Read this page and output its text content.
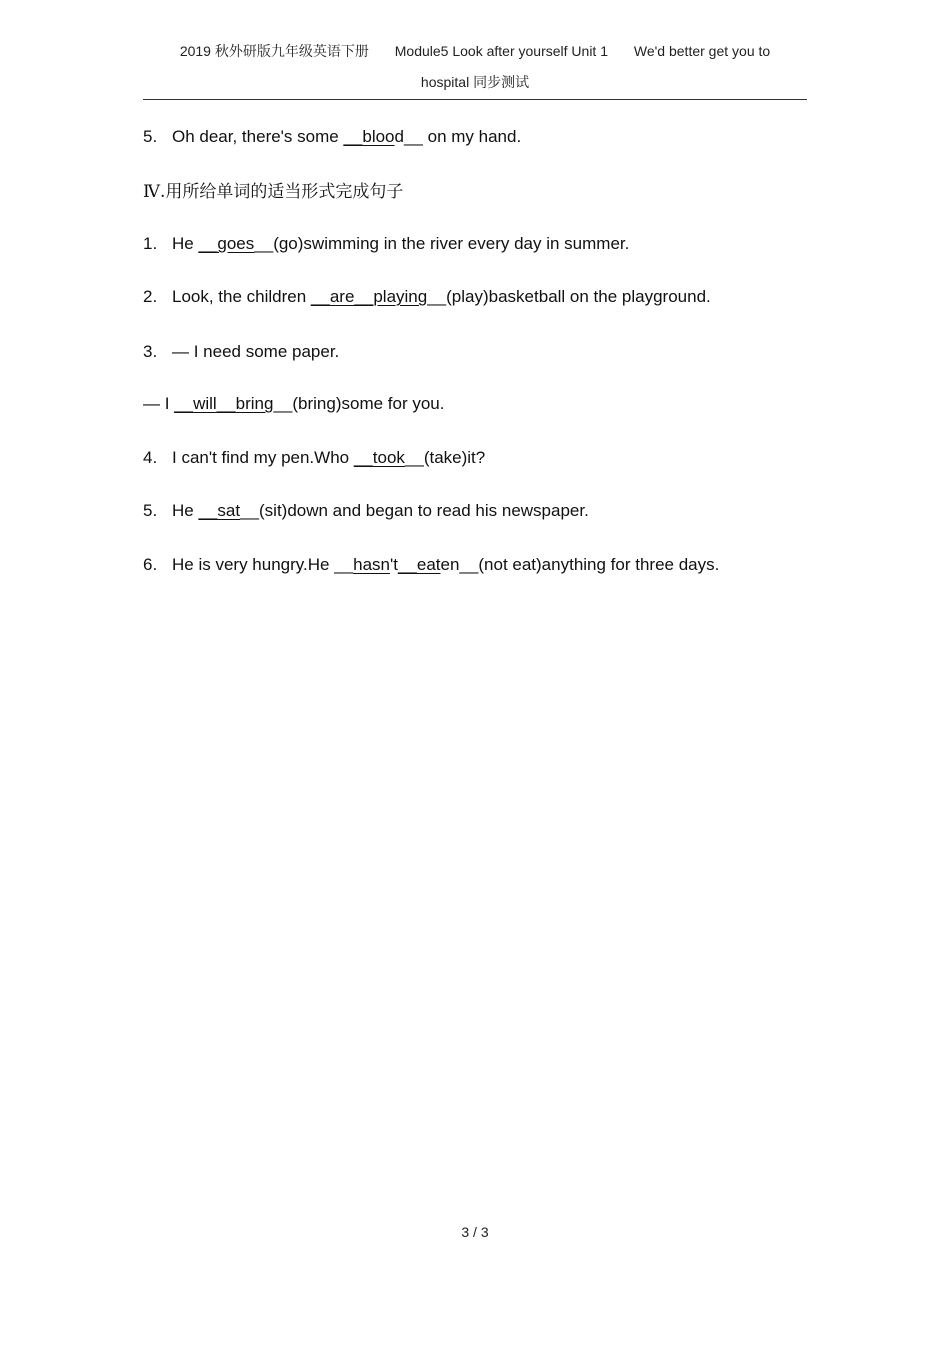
2019 秋外研版九年级英语下册 Module5 Look after yourself Unit 1 We'd better get you to
hospital 同步测试
5. Oh dear, there's some __blood__ on my hand.
Ⅳ.用所给单词的适当形式完成句子
1. He __goes__(go)swimming in the river every day in summer.
2. Look, the children __are__playing__(play)basketball on the playground.
3. — I need some paper.
— I __will__bring__(bring)some for you.
4. I can't find my pen.Who __took__(take)it?
5. He __sat__(sit)down and began to read his newspaper.
6. He is very hungry.He __hasn't__eaten__(not eat)anything for three days.
3 / 3
